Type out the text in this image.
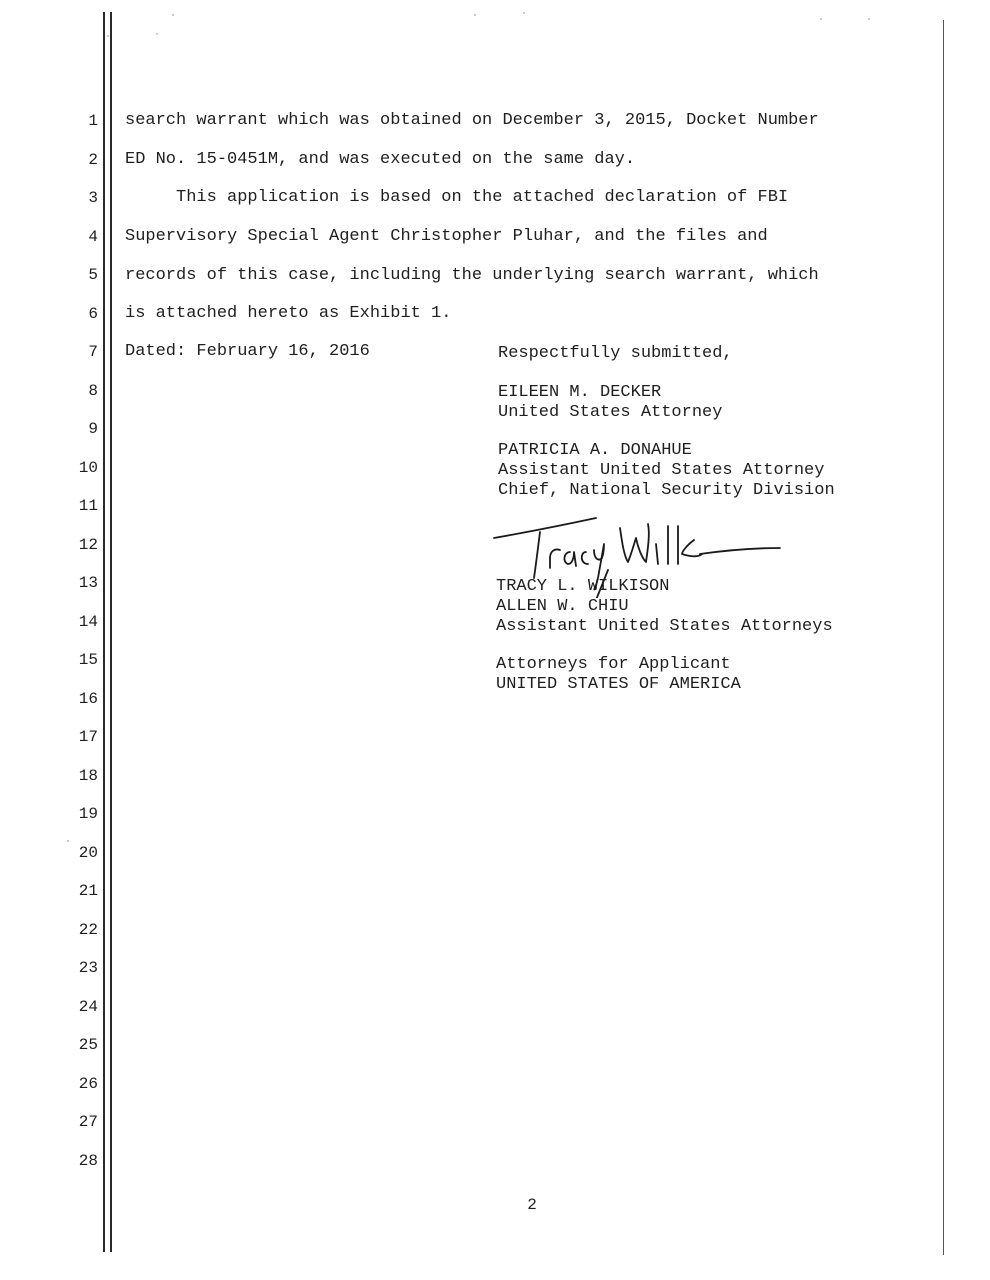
1
2
3
4
5
6
7
8
9
10
11
12
13
14
15
16
17
18
19
20
21
22
23
24
25
26
27
28
search warrant which was obtained on December 3, 2015, Docket Number
ED No. 15-0451M, and was executed on the same day.
This application is based on the attached declaration of FBI
Supervisory Special Agent Christopher Pluhar, and the files and
records of this case, including the underlying search warrant, which
is attached hereto as Exhibit 1.
Dated: February 16, 2016	Respectfully submitted,
EILEEN M. DECKER
United States Attorney
PATRICIA A. DONAHUE
Assistant United States Attorney
Chief, National Security Division
TRACY L. WILKISON
ALLEN W. CHIU
Assistant United States Attorneys
Attorneys for Applicant
UNITED STATES OF AMERICA
2
